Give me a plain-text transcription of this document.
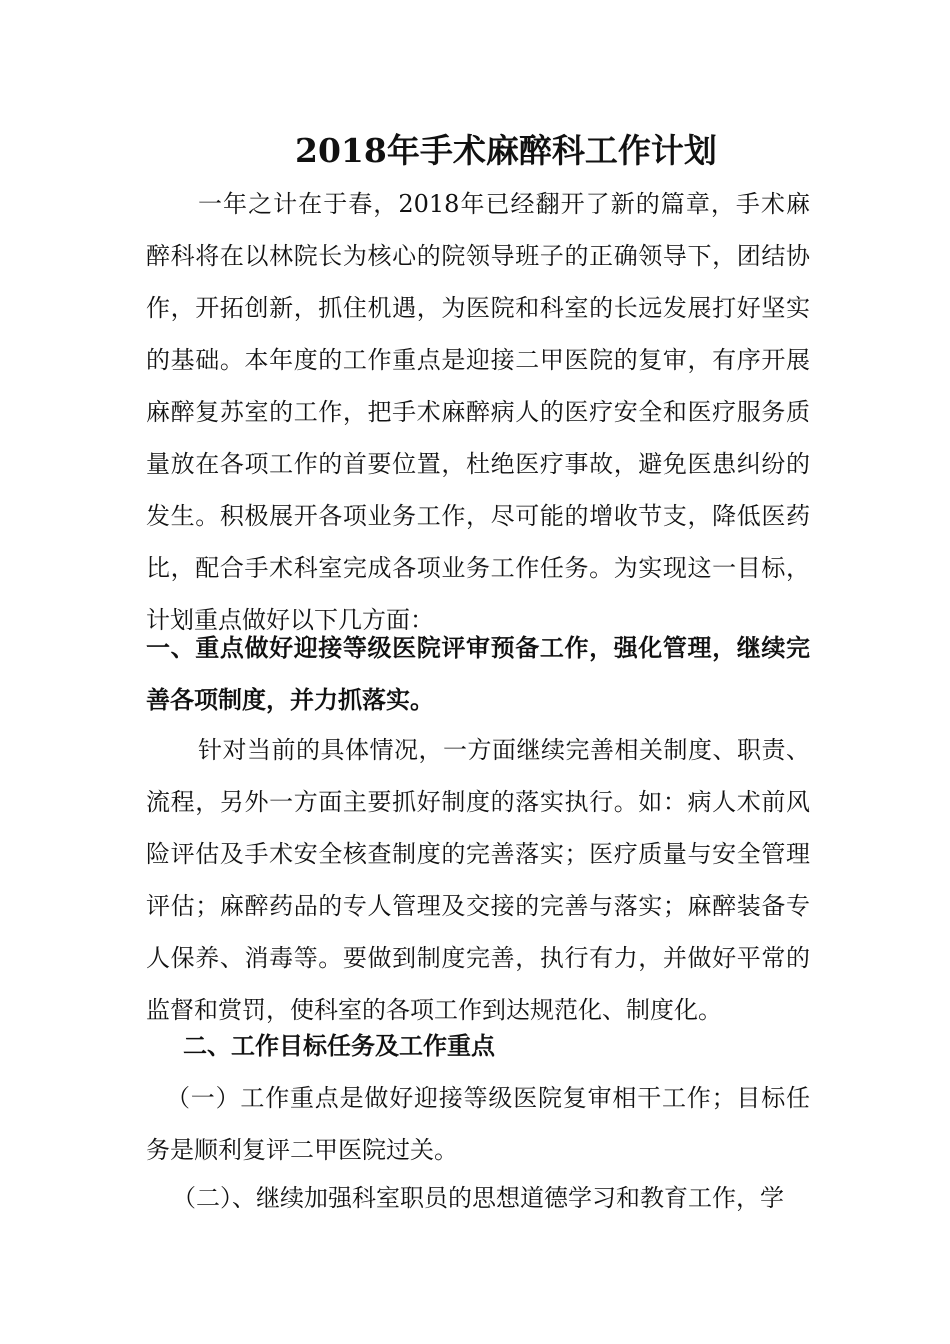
2018年手术麻醉科工作计划
一年之计在于春，2018年已经翻开了新的篇章，手术麻醉科将在以林院长为核心的院领导班子的正确领导下，团结协作，开拓创新，抓住机遇，为医院和科室的长远发展打好坚实的基础。本年度的工作重点是迎接二甲医院的复审，有序开展麻醉复苏室的工作，把手术麻醉病人的医疗安全和医疗服务质量放在各项工作的首要位置，杜绝医疗事故，避免医患纠纷的发生。积极展开各项业务工作，尽可能的增收节支，降低医药比，配合手术科室完成各项业务工作任务。为实现这一目标，计划重点做好以下几方面：
一、重点做好迎接等级医院评审预备工作，强化管理，继续完善各项制度，并力抓落实。
针对当前的具体情况，一方面继续完善相关制度、职责、流程，另外一方面主要抓好制度的落实执行。如：病人术前风险评估及手术安全核查制度的完善落实；医疗质量与安全管理评估；麻醉药品的专人管理及交接的完善与落实；麻醉装备专人保养、消毒等。要做到制度完善，执行有力，并做好平常的监督和赏罚，使科室的各项工作到达规范化、制度化。
二、工作目标任务及工作重点
（一）工作重点是做好迎接等级医院复审相干工作；目标任务是顺利复评二甲医院过关。
（二）、继续加强科室职员的思想道德学习和教育工作，学
